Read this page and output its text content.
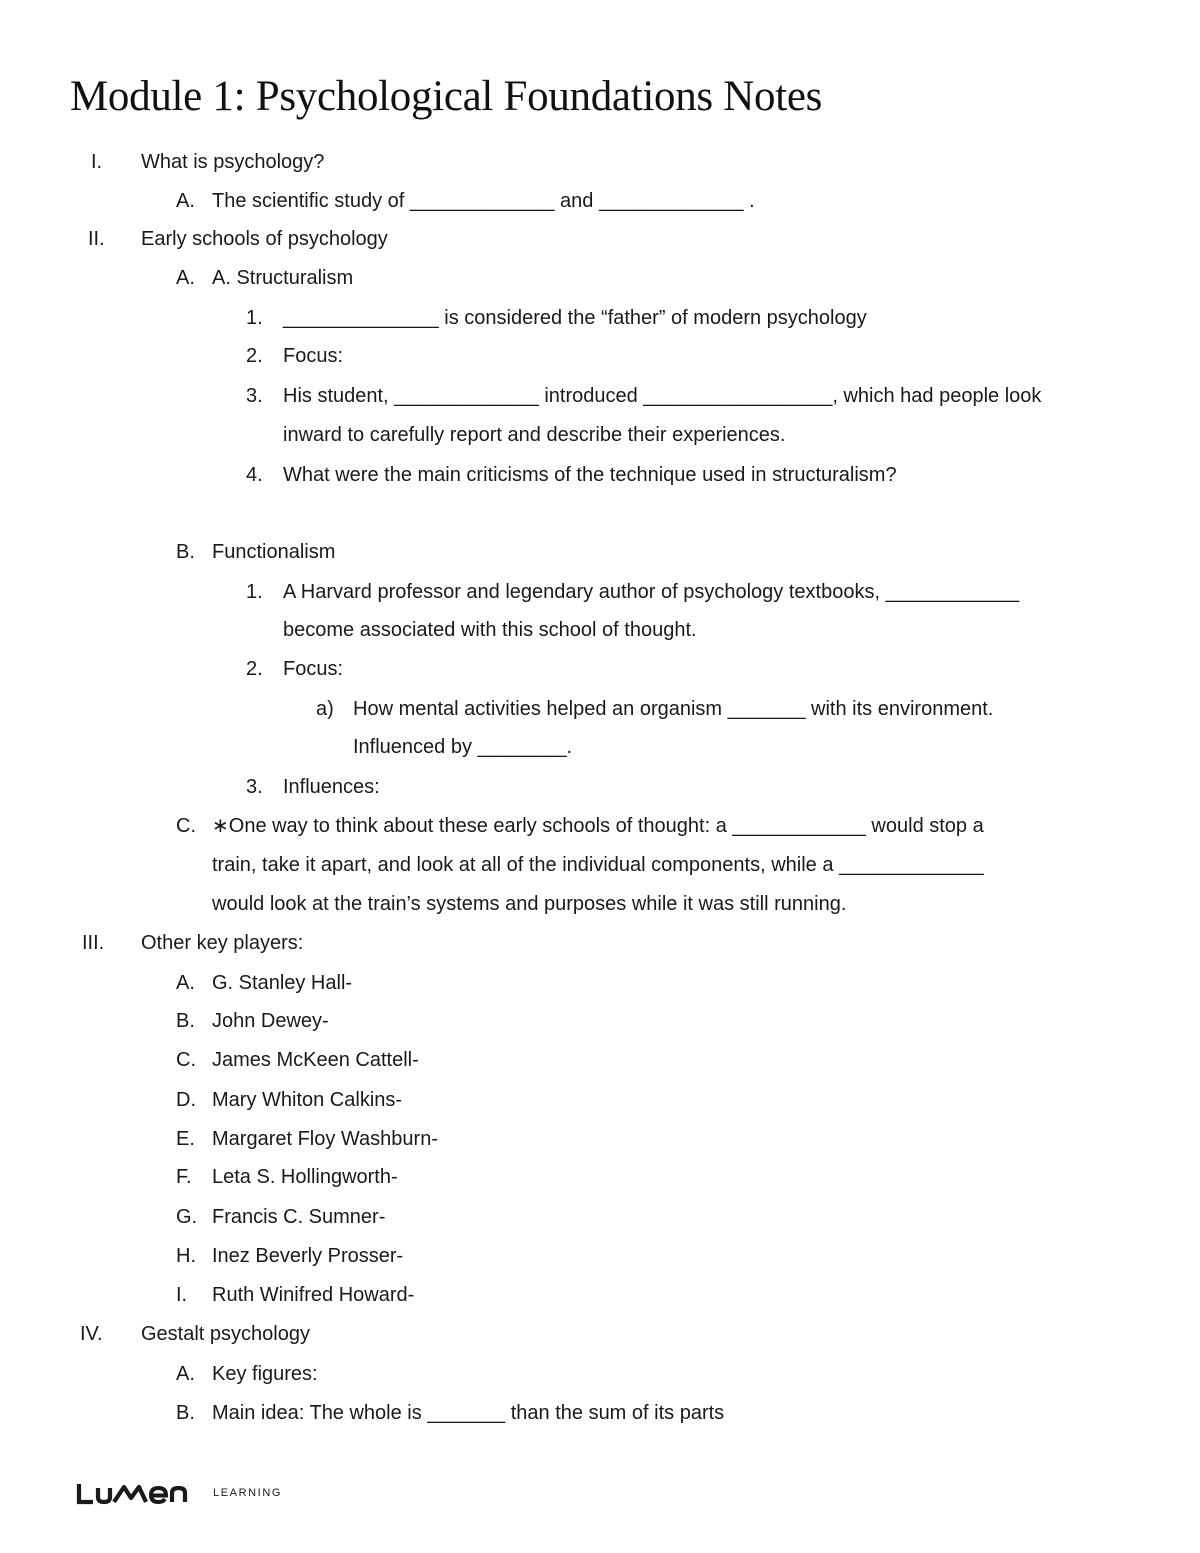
Module 1: Psychological Foundations Notes
I. What is psychology?
A. The scientific study of _____________ and _____________ .
II. Early schools of psychology
A. A. Structuralism
1. ______________ is considered the “father” of modern psychology
2. Focus:
3. His student, _____________ introduced _________________, which had people look
inward to carefully report and describe their experiences.
4. What were the main criticisms of the technique used in structuralism?
B. Functionalism
1. A Harvard professor and legendary author of psychology textbooks, ____________
become associated with this school of thought.
2. Focus:
a) How mental activities helped an organism _______ with its environment.
Influenced by ________.
3. Influences:
C. ∗One way to think about these early schools of thought: a ____________ would stop a
train, take it apart, and look at all of the individual components, while a _____________
would look at the train’s systems and purposes while it was still running.
III. Other key players:
A. G. Stanley Hall-
B. John Dewey-
C. James McKeen Cattell-
D. Mary Whiton Calkins-
E. Margaret Floy Washburn-
F. Leta S. Hollingworth-
G. Francis C. Sumner-
H. Inez Beverly Prosser-
I. Ruth Winifred Howard-
IV. Gestalt psychology
A. Key figures:
B. Main idea: The whole is _______ than the sum of its parts
LEARNING
